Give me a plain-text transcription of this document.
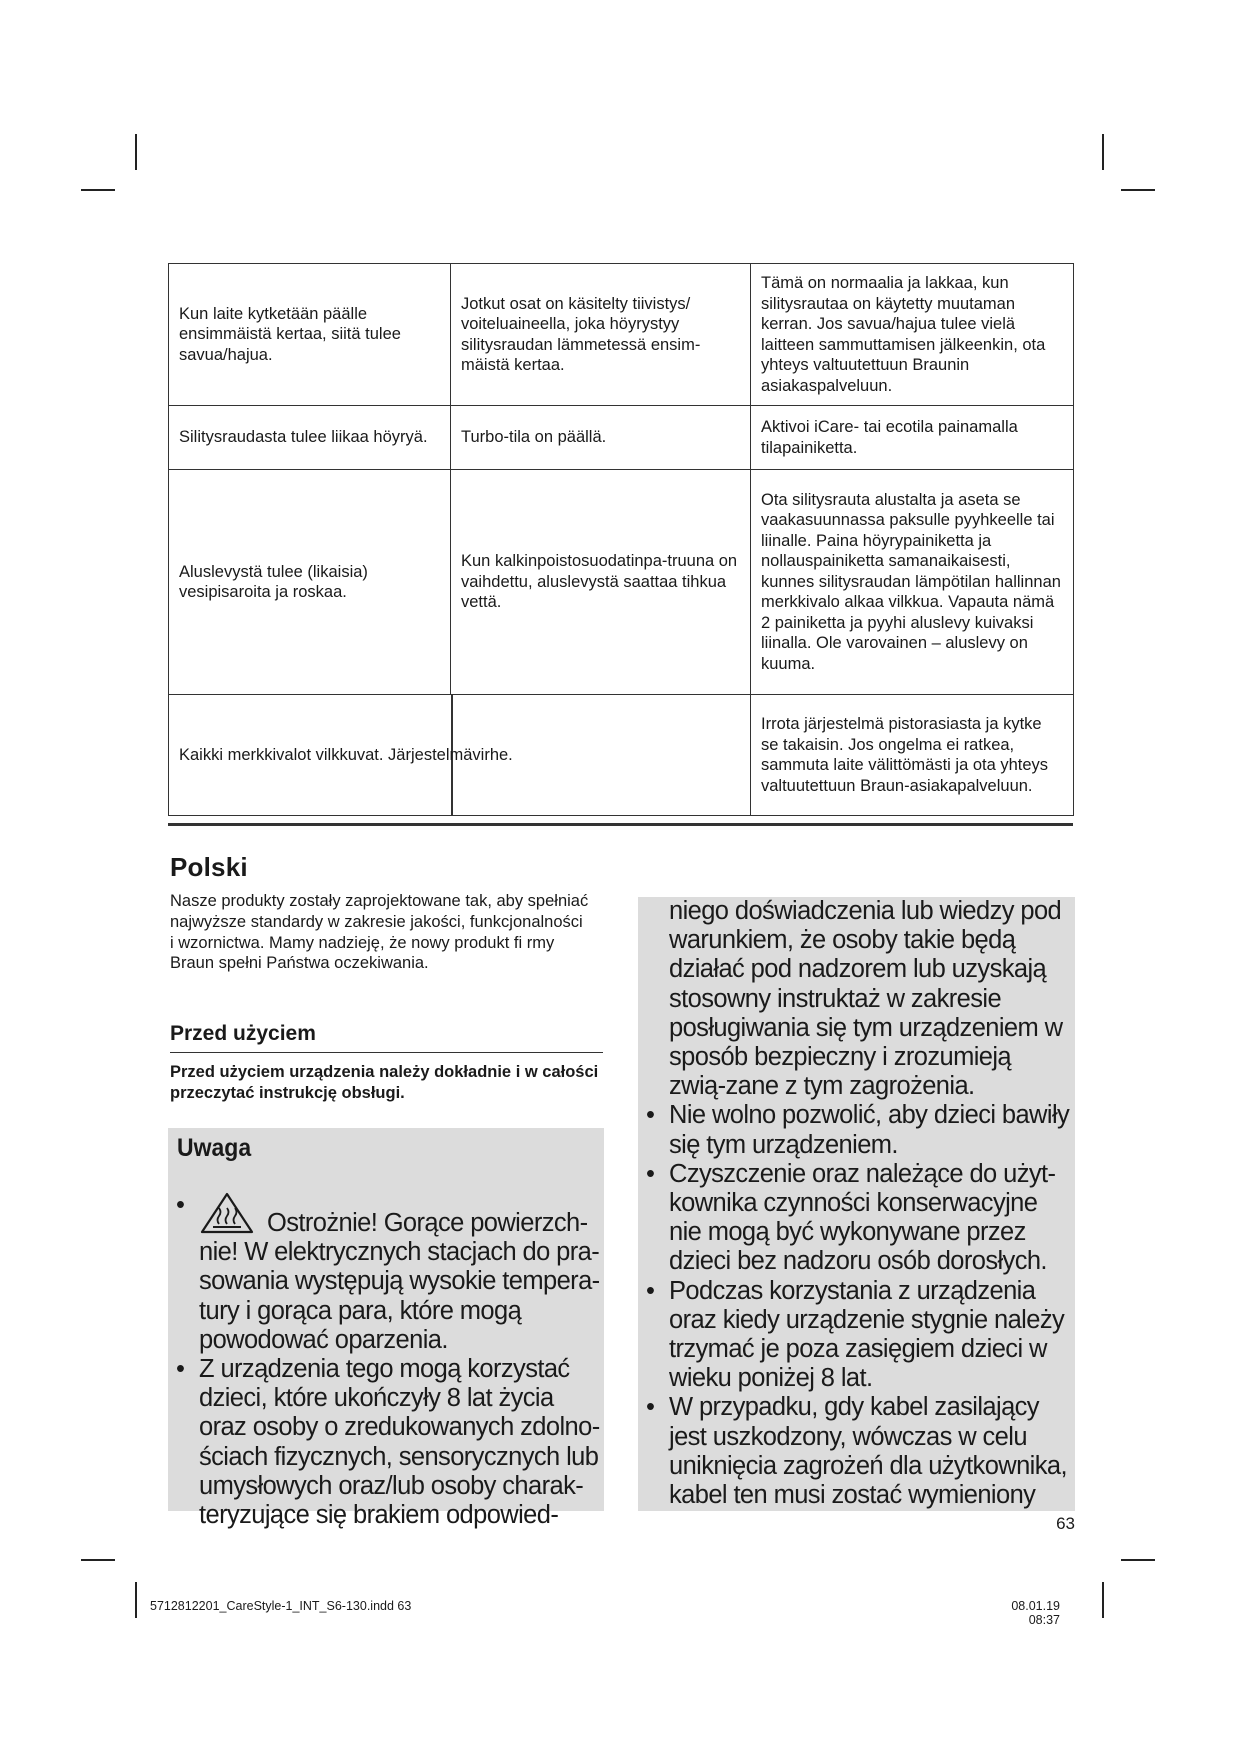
Kun laite kytketään päälle ensimmäistä kertaa, siitä tulee savua/hajua.	Jotkut osat on käsitelty tiivistys/ voiteluaineella, joka höyrystyy silitysraudan lämmetessä ensim-mäistä kertaa.	Tämä on normaalia ja lakkaa, kun silitysrautaa on käytetty muutaman kerran. Jos savua/hajua tulee vielä laitteen sammuttamisen jälkeenkin, ota yhteys valtuutettuun Braunin asiakaspalveluun.
Silitysraudasta tulee liikaa höyryä.	Turbo-tila on päällä.	Aktivoi iCare- tai ecotila painamalla tilapainiketta.
Aluslevystä tulee (likaisia) vesipisaroita ja roskaa.	Kun kalkinpoistosuodatinpa-truuna on vaihdettu, aluslevystä saattaa tihkua vettä.	Ota silitysrauta alustalta ja aseta se vaakasuunnassa paksulle pyyhkeelle tai liinalle. Paina höyrypainiketta ja nollauspainiketta samanaikaisesti, kunnes silitysraudan lämpötilan hallinnan merkkivalo alkaa vilkkua. Vapauta nämä 2 painiketta ja pyyhi aluslevy kuivaksi liinalla. Ole varovainen – aluslevy on kuuma.

Kaikki merkkivalot vilkkuvat. Järjestelmävirhe.		Irrota järjestelmä pistorasiasta ja kytke se takaisin. Jos ongelma ei ratkea, sammuta laite välittömästi ja ota yhteys valtuutettuun Braun-asiakapalveluun.
Polski

Nasze produkty zostały zaprojektowane tak, aby spełniać najwyższe standardy w zakresie jakości, funkcjonalności i wzornictwa. Mamy nadzieję, że nowy produkt fi rmy Braun spełni Państwa oczekiwania.

Przed użyciem

Przed użyciem urządzenia należy dokładnie i w całości przeczytać instrukcję obsługi.

Uwaga
•
Ostrożnie! Gorące powierzch-nie! W elektrycznych stacjach do pra-sowania występują wysokie tempera-tury i gorąca para, które mogą powodować oparzenia.
• Z urządzenia tego mogą korzystać dzieci, które ukończyły 8 lat życia oraz osoby o zredukowanych zdolno-ściach fizycznych, sensorycznych lub umysłowych oraz/lub osoby charak-teryzujące się brakiem odpowied-
niego doświadczenia lub wiedzy pod warunkiem, że osoby takie będą działać pod nadzorem lub uzyskają stosowny instruktaż w zakresie posługiwania się tym urządzeniem w sposób bezpieczny i zrozumieją zwią-zane z tym zagrożenia.
• Nie wolno pozwolić, aby dzieci bawiły się tym urządzeniem.
• Czyszczenie oraz należące do użyt-kownika czynności konserwacyjne nie mogą być wykonywane przez dzieci bez nadzoru osób dorosłych.
• Podczas korzystania z urządzenia oraz kiedy urządzenie stygnie należy trzymać je poza zasięgiem dzieci w wieku poniżej 8 lat.
• W przypadku, gdy kabel zasilający jest uszkodzony, wówczas w celu uniknięcia zagrożeń dla użytkownika, kabel ten musi zostać wymieniony
63
5712812201_CareStyle-1_INT_S6-130.indd 63	08.01.19 08:37
